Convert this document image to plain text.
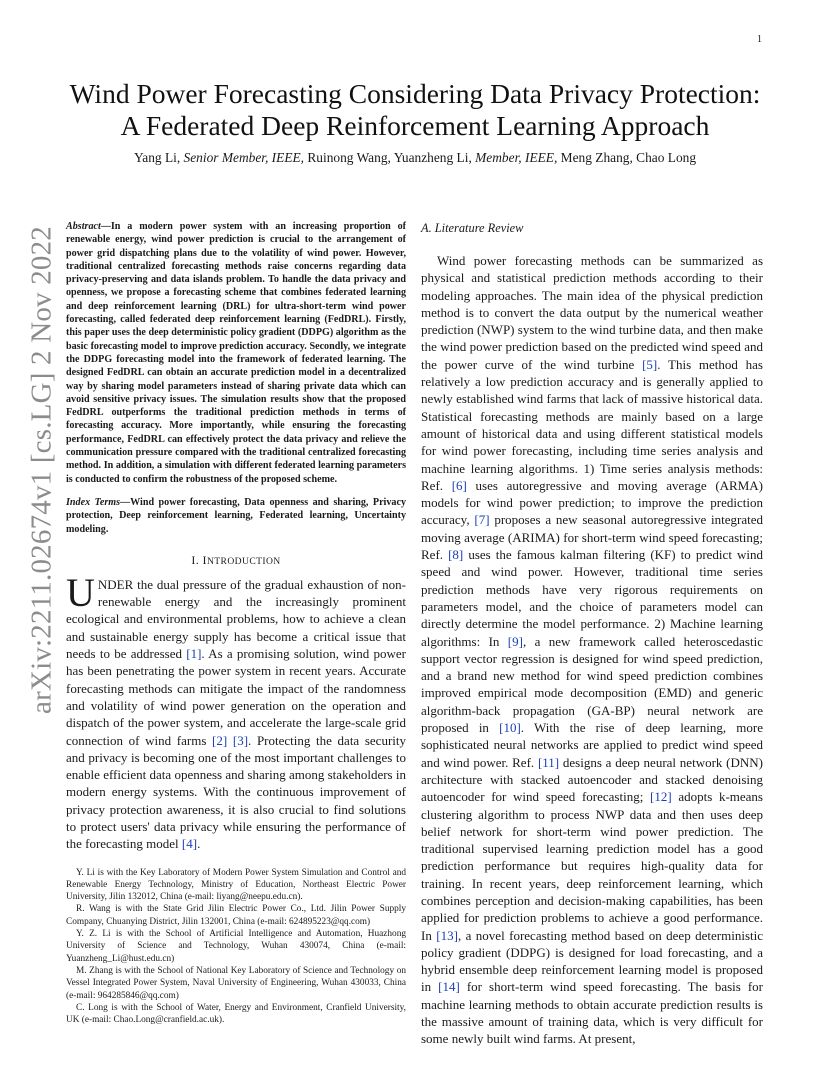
1
arXiv:2211.02674v1 [cs.LG] 2 Nov 2022
Wind Power Forecasting Considering Data Privacy Protection:
A Federated Deep Reinforcement Learning Approach
Yang Li, Senior Member, IEEE, Ruinong Wang, Yuanzheng Li, Member, IEEE, Meng Zhang, Chao Long

Abstract—In a modern power system with an increasing proportion of renewable energy, wind power prediction is crucial to the arrangement of power grid dispatching plans due to the volatility of wind power. However, traditional centralized forecasting methods raise concerns regarding data privacy-preserving and data islands problem. To handle the data privacy and openness, we propose a forecasting scheme that combines federated learning and deep reinforcement learning (DRL) for ultra-short-term wind power forecasting, called federated deep reinforcement learning (FedDRL). Firstly, this paper uses the deep deterministic policy gradient (DDPG) algorithm as the basic forecasting model to improve prediction accuracy. Secondly, we integrate the DDPG forecasting model into the framework of federated learning. The designed FedDRL can obtain an accurate prediction model in a decentralized way by sharing model parameters instead of sharing private data which can avoid sensitive privacy issues. The simulation results show that the proposed FedDRL outperforms the traditional prediction methods in terms of forecasting accuracy. More importantly, while ensuring the forecasting performance, FedDRL can effectively protect the data privacy and relieve the communication pressure compared with the traditional centralized forecasting method. In addition, a simulation with different federated learning parameters is conducted to confirm the robustness of the proposed scheme.

Index Terms—Wind power forecasting, Data openness and sharing, Privacy protection, Deep reinforcement learning, Federated learning, Uncertainty modeling.

I. INTRODUCTION

UNDER the dual pressure of the gradual exhaustion of non-renewable energy and the increasingly prominent ecological and environmental problems, how to achieve a clean and sustainable energy supply has become a critical issue that needs to be addressed [1]. As a promising solution, wind power has been penetrating the power system in recent years. Accurate forecasting methods can mitigate the impact of the randomness and volatility of wind power generation on the operation and dispatch of the power system, and accelerate the large-scale grid connection of wind farms [2] [3]. Protecting the data security and privacy is becoming one of the most important challenges to enable efficient data openness and sharing among stakeholders in modern energy systems. With the continuous improvement of privacy protection awareness, it is also crucial to find solutions to protect users' data privacy while ensuring the performance of the forecasting model [4].

Y. Li is with the Key Laboratory of Modern Power System Simulation and Control and Renewable Energy Technology, Ministry of Education, Northeast Electric Power University, Jilin 132012, China (e-mail: liyang@neepu.edu.cn).

R. Wang is with the State Grid Jilin Electric Power Co., Ltd. Jilin Power Supply Company, Chuanying District, Jilin 132001, China (e-mail: 624895223@qq.com)

Y. Z. Li is with the School of Artificial Intelligence and Automation, Huazhong University of Science and Technology, Wuhan 430074, China (e-mail: Yuanzheng_Li@hust.edu.cn)

M. Zhang is with the School of National Key Laboratory of Science and Technology on Vessel Integrated Power System, Naval University of Engineering, Wuhan 430033, China (e-mail: 964285846@qq.com)

C. Long is with the School of Water, Energy and Environment, Cranfield University, UK (e-mail: Chao.Long@cranfield.ac.uk).

A. Literature Review

Wind power forecasting methods can be summarized as physical and statistical prediction methods according to their modeling approaches. The main idea of the physical prediction method is to convert the data output by the numerical weather prediction (NWP) system to the wind turbine data, and then make the wind power prediction based on the predicted wind speed and the power curve of the wind turbine [5]. This method has relatively a low prediction accuracy and is generally applied to newly established wind farms that lack of massive historical data. Statistical forecasting methods are mainly based on a large amount of historical data and using different statistical models for wind power forecasting, including time series analysis and machine learning algorithms. 1) Time series analysis methods: Ref. [6] uses autoregressive and moving average (ARMA) models for wind power prediction; to improve the prediction accuracy, [7] proposes a new seasonal autoregressive integrated moving average (ARIMA) for short-term wind speed forecasting; Ref. [8] uses the famous kalman filtering (KF) to predict wind speed and wind power. However, traditional time series prediction methods have very rigorous requirements on parameters model, and the choice of parameters model can directly determine the model performance. 2) Machine learning algorithms: In [9], a new framework called heteroscedastic support vector regression is designed for wind speed prediction, and a brand new method for wind speed prediction combines improved empirical mode decomposition (EMD) and generic algorithm-back propagation (GA-BP) neural network are proposed in [10]. With the rise of deep learning, more sophisticated neural networks are applied to predict wind speed and wind power. Ref. [11] designs a deep neural network (DNN) architecture with stacked autoencoder and stacked denoising autoencoder for wind speed forecasting; [12] adopts k-means clustering algorithm to process NWP data and then uses deep belief network for short-term wind power prediction. The traditional supervised learning prediction model has a good prediction performance but requires high-quality data for training. In recent years, deep reinforcement learning, which combines perception and decision-making capabilities, has been applied for prediction problems to achieve a good performance. In [13], a novel forecasting method based on deep deterministic policy gradient (DDPG) is designed for load forecasting, and a hybrid ensemble deep reinforcement learning model is proposed in [14] for short-term wind speed forecasting. The basis for machine learning methods to obtain accurate prediction results is the massive amount of training data, which is very difficult for some newly built wind farms. At present,
